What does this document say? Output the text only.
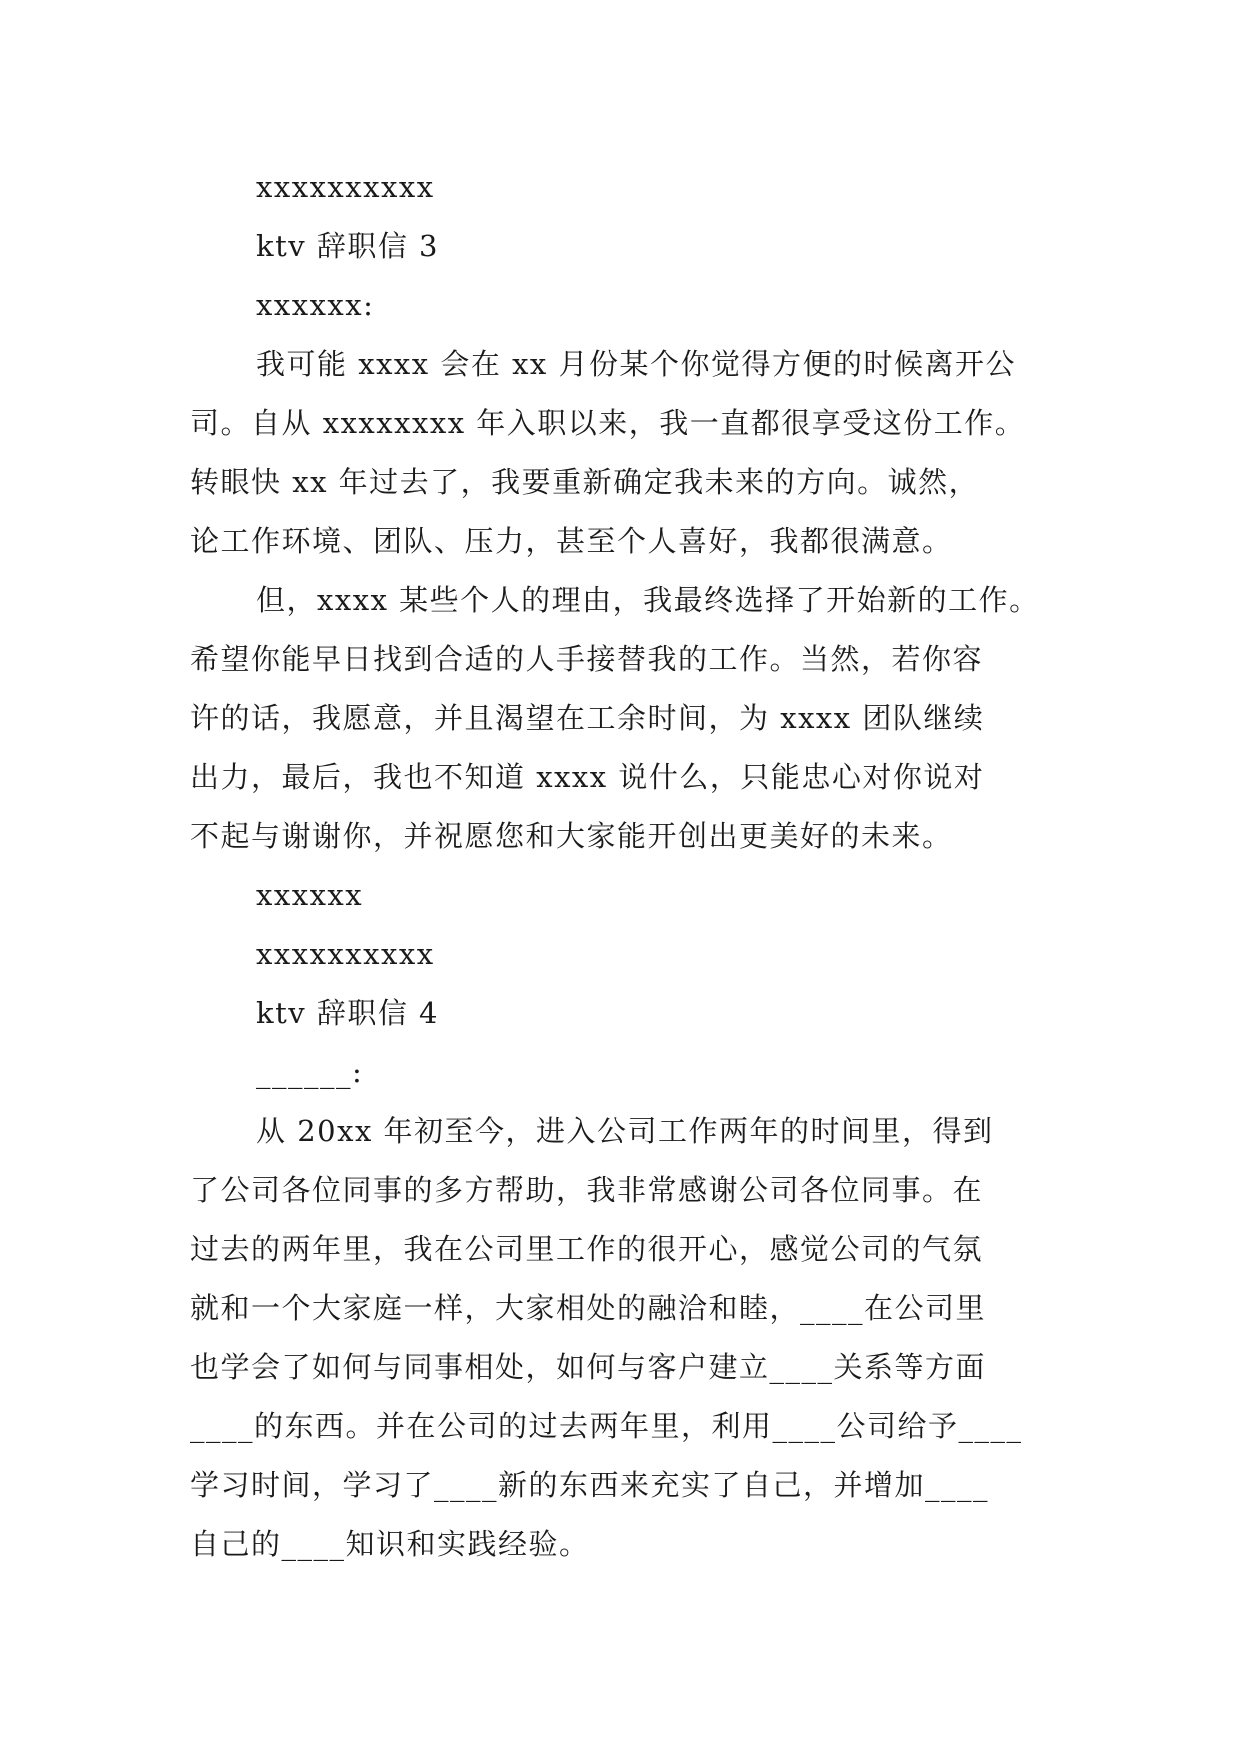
xxxxxxxxxx
ktv 辞职信 3
xxxxxx:
我可能 xxxx 会在 xx 月份某个你觉得方便的时候离开公
司。自从 xxxxxxxx 年入职以来，我一直都很享受这份工作。
转眼快 xx 年过去了，我要重新确定我未来的方向。诚然，
论工作环境、团队、压力，甚至个人喜好，我都很满意。
但，xxxx 某些个人的理由，我最终选择了开始新的工作。
希望你能早日找到合适的人手接替我的工作。当然，若你容
许的话，我愿意，并且渴望在工余时间，为 xxxx 团队继续
出力，最后，我也不知道 xxxx 说什么，只能忠心对你说对
不起与谢谢你，并祝愿您和大家能开创出更美好的未来。
xxxxxx
xxxxxxxxxx
ktv 辞职信 4
______:
从 20xx 年初至今，进入公司工作两年的时间里，得到
了公司各位同事的多方帮助，我非常感谢公司各位同事。在
过去的两年里，我在公司里工作的很开心，感觉公司的气氛
就和一个大家庭一样，大家相处的融洽和睦，____在公司里
也学会了如何与同事相处，如何与客户建立____关系等方面
____的东西。并在公司的过去两年里，利用____公司给予____
学习时间，学习了____新的东西来充实了自己，并增加____
自己的____知识和实践经验。
